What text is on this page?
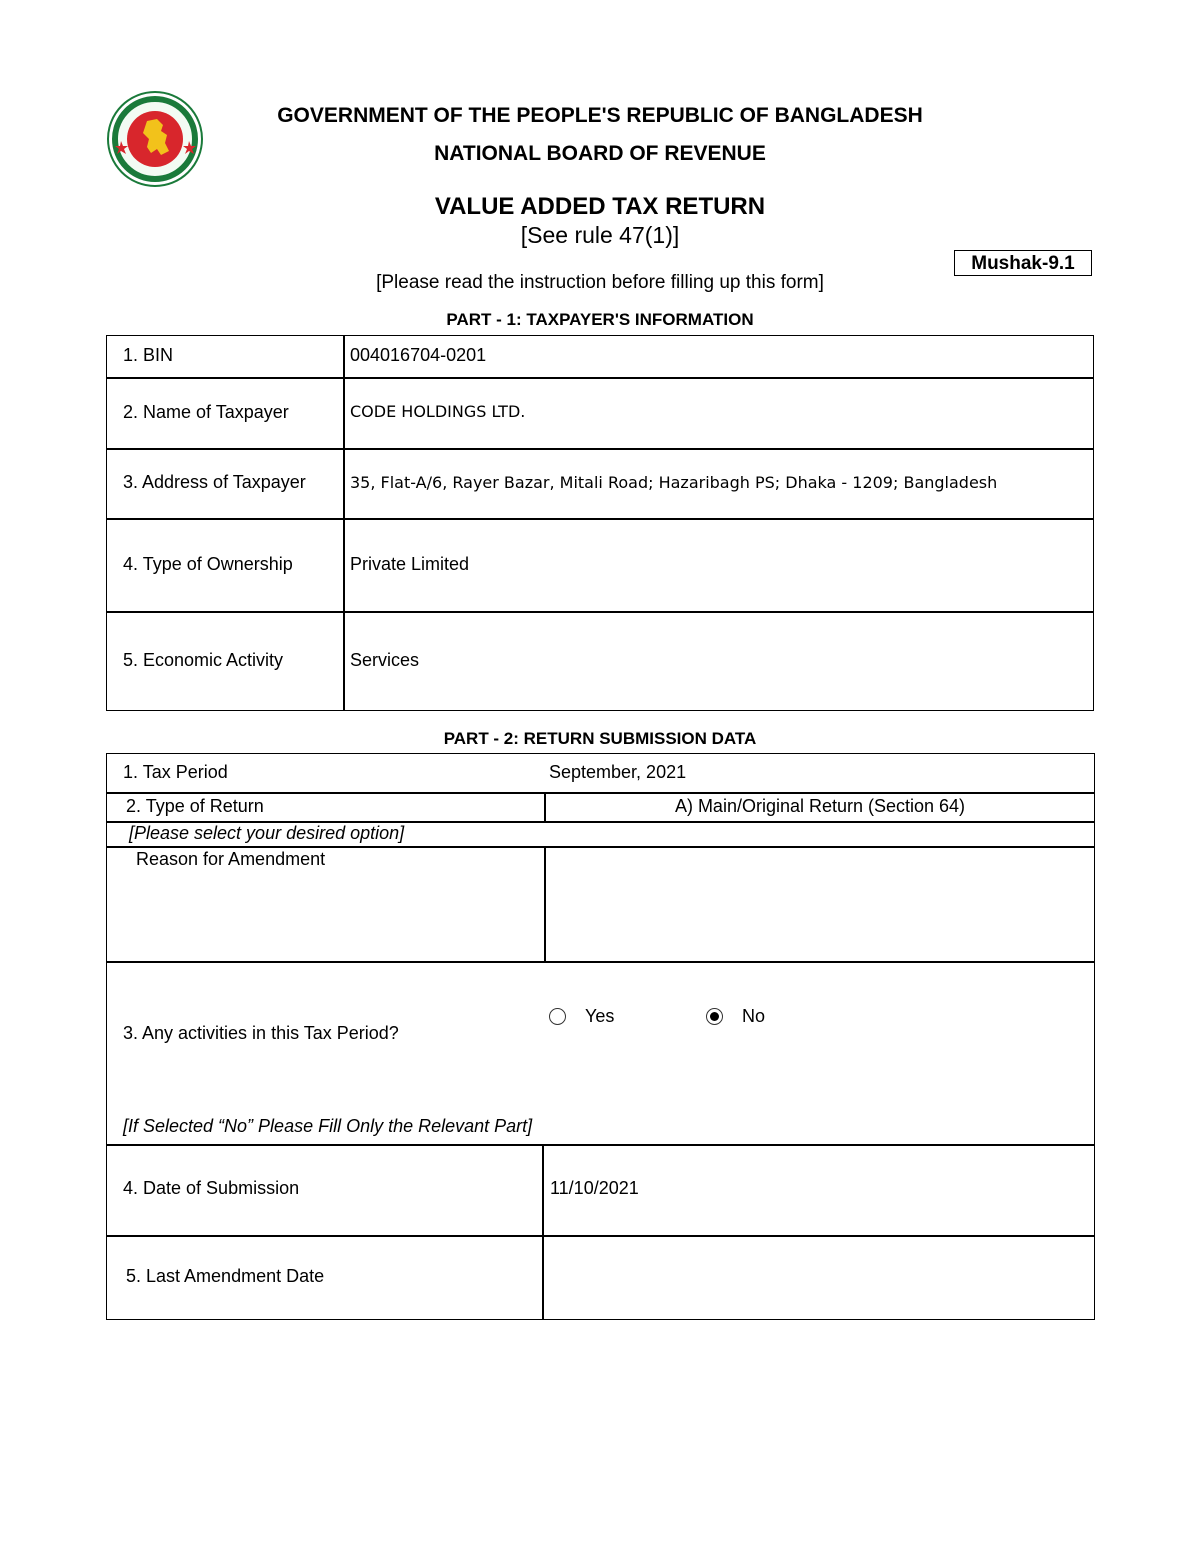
GOVERNMENT OF THE PEOPLE'S REPUBLIC OF BANGLADESH
NATIONAL BOARD OF REVENUE
VALUE ADDED TAX RETURN
[See rule 47(1)]
Mushak-9.1
[Please read the instruction before filling up this form]
PART - 1: TAXPAYER'S INFORMATION
1. BIN	004016704-0201
2. Name of Taxpayer	CODE HOLDINGS LTD.
3. Address of Taxpayer	35, Flat-A/6, Rayer Bazar, Mitali Road; Hazaribagh PS; Dhaka - 1209; Bangladesh
4. Type of Ownership	Private Limited
5. Economic Activity	Services
PART - 2: RETURN SUBMISSION DATA
1. Tax Period	September, 2021
2. Type of Return	A) Main/Original Return (Section 64)
[Please select your desired option]
Reason for Amendment
3. Any activities in this Tax Period?
Yes	No
[If Selected “No” Please Fill Only the Relevant Part]
4. Date of Submission	11/10/2021
5. Last Amendment Date
